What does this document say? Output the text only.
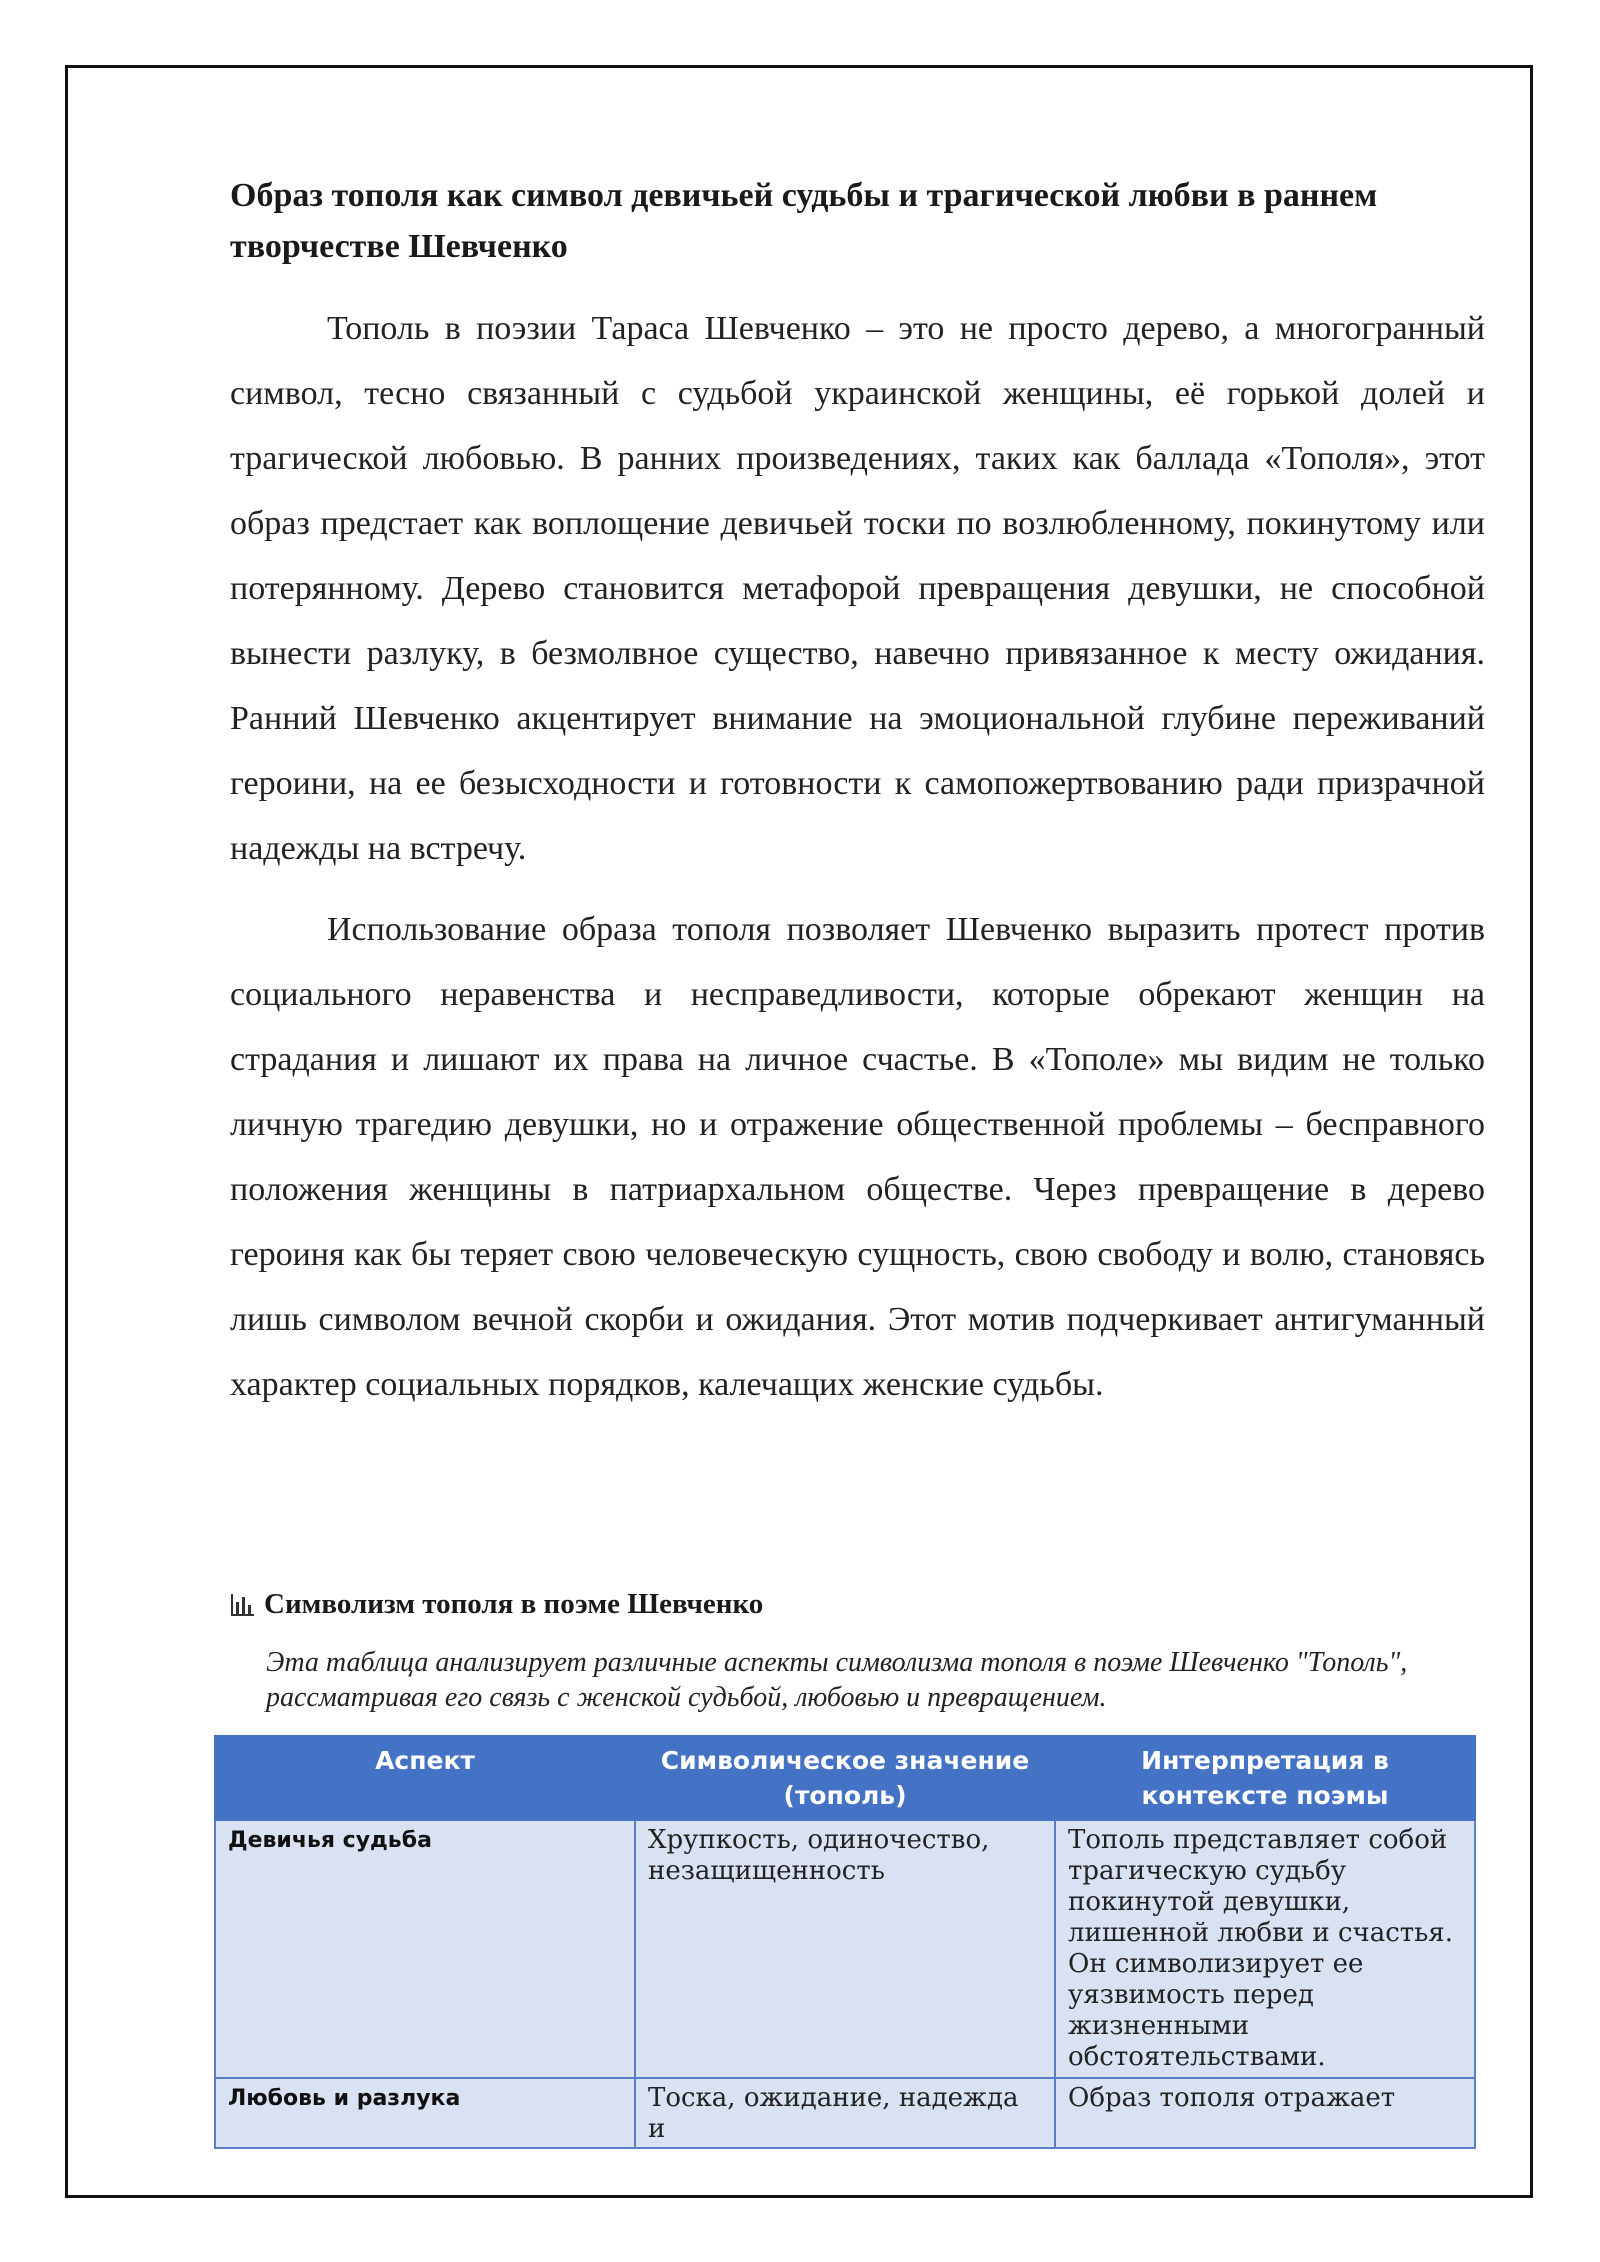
Образ тополя как символ девичьей судьбы и трагической любви в раннем творчестве Шевченко

Тополь в поэзии Тараса Шевченко – это не просто дерево, а многогранный символ, тесно связанный с судьбой украинской женщины, её горькой долей и трагической любовью. В ранних произведениях, таких как баллада «Тополя», этот образ предстает как воплощение девичьей тоски по возлюбленному, покинутому или потерянному. Дерево становится метафорой превращения девушки, не способной вынести разлуку, в безмолвное существо, навечно привязанное к месту ожидания. Ранний Шевченко акцентирует внимание на эмоциональной глубине переживаний героини, на ее безысходности и готовности к самопожертвованию ради призрачной надежды на встречу.

Использование образа тополя позволяет Шевченко выразить протест против социального неравенства и несправедливости, которые обрекают женщин на страдания и лишают их права на личное счастье. В «Тополе» мы видим не только личную трагедию девушки, но и отражение общественной проблемы – бесправного положения женщины в патриархальном обществе. Через превращение в дерево героиня как бы теряет свою человеческую сущность, свою свободу и волю, становясь лишь символом вечной скорби и ожидания. Этот мотив подчеркивает антигуманный характер социальных порядков, калечащих женские судьбы.

Символизм тополя в поэме Шевченко
Эта таблица анализирует различные аспекты символизма тополя в поэме Шевченко "Тополь", рассматривая его связь с женской судьбой, любовью и превращением.
Аспект	Символическое значение (тополь)	Интерпретация в контексте поэмы
Девичья судьба	Хрупкость, одиночество, незащищенность	Тополь представляет собой трагическую судьбу покинутой девушки, лишенной любви и счастья. Он символизирует ее уязвимость перед жизненными обстоятельствами.
Любовь и разлука	Тоска, ожидание, надежда и	Образ тополя отражает
